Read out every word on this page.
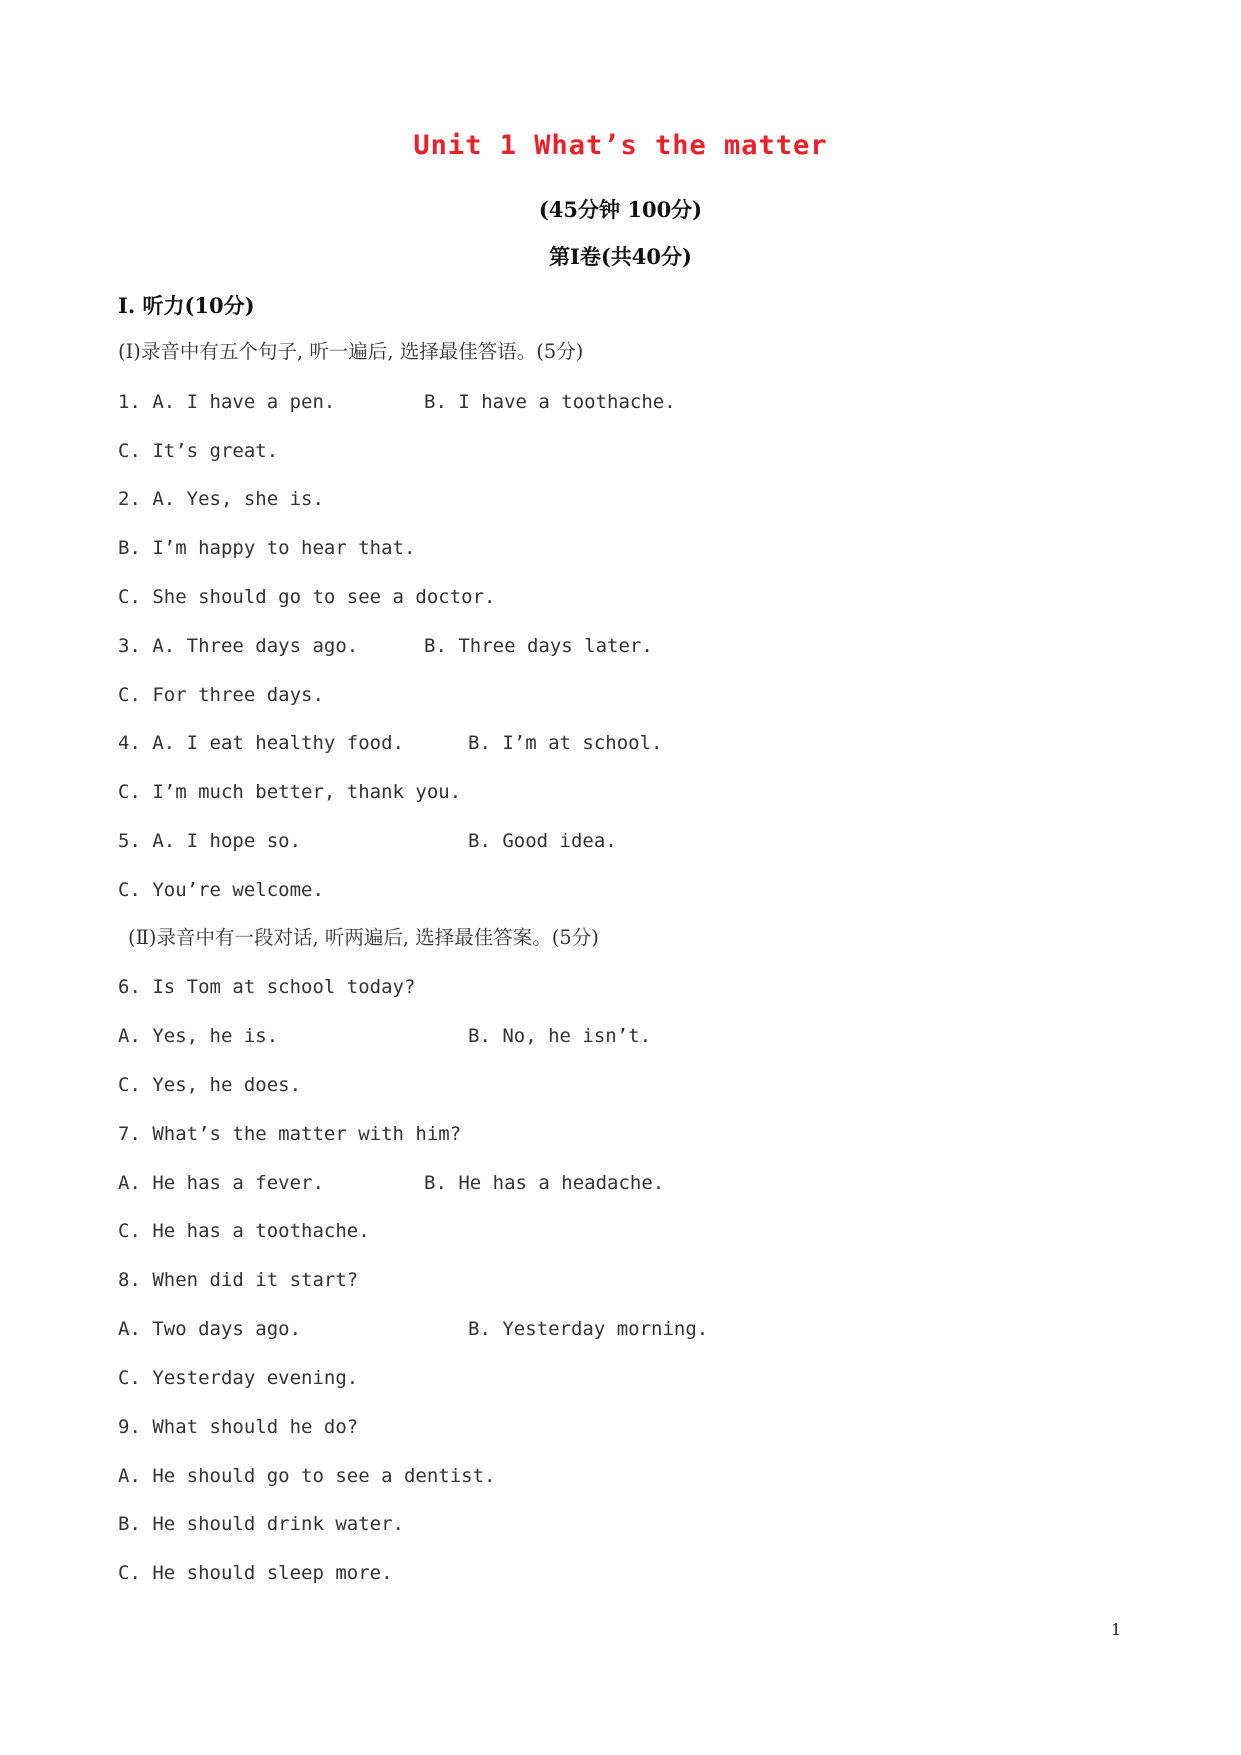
Unit 1 What’s the matter
(45分钟 100分)
第Ⅰ卷(共40分)
Ⅰ. 听力(10分)
(Ⅰ)录音中有五个句子, 听一遍后, 选择最佳答语。(5分)
1. A. I have a pen.	B. I have a toothache.
C. It’s great.
2. A. Yes, she is.
B. I’m happy to hear that.
C. She should go to see a doctor.
3. A. Three days ago.	B. Three days later.
C. For three days.
4. A. I eat healthy food.	B. I’m at school.
C. I’m much better, thank you.
5. A. I hope so.	B. Good idea.
C. You’re welcome.
(Ⅱ)录音中有一段对话, 听两遍后, 选择最佳答案。(5分)
6. Is Tom at school today?
A. Yes, he is.	B. No, he isn’t.
C. Yes, he does.
7. What’s the matter with him?
A. He has a fever.	B. He has a headache.
C. He has a toothache.
8. When did it start?
A. Two days ago.	B. Yesterday morning.
C. Yesterday evening.
9. What should he do?
A. He should go to see a dentist.
B. He should drink water.
C. He should sleep more.
1
